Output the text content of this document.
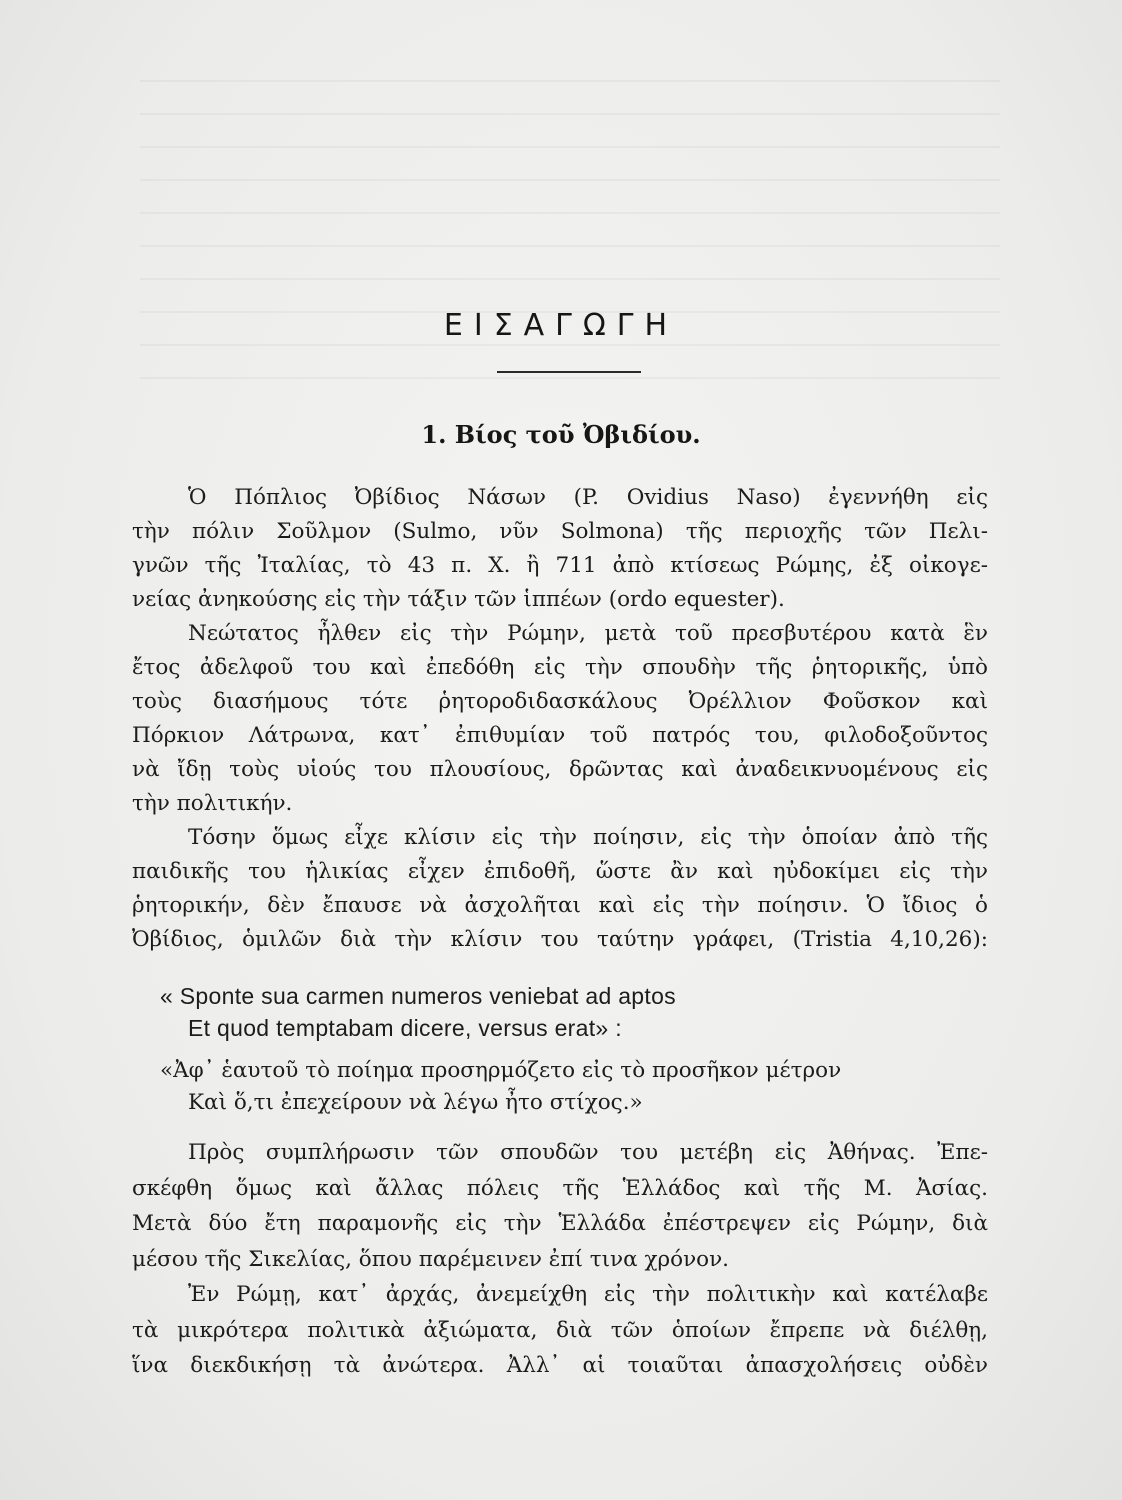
ΕΙΣΑΓΩΓΗ
1. Βίος τοῦ Ὀβιδίου.
Ὁ Πόπλιος Ὀβίδιος Νάσων (P. Ovidius Naso) ἐγεννήθη εἰς
τὴν πόλιν Σοῦλμον (Sulmo, νῦν Solmona) τῆς περιοχῆς τῶν Πελι-
γνῶν τῆς Ἰταλίας, τὸ 43 π. Χ. ἢ 711 ἀπὸ κτίσεως Ρώμης, ἐξ οἰκογε-
νείας ἀνηκούσης εἰς τὴν τάξιν τῶν ἱππέων (ordo equester).
Νεώτατος ἦλθεν εἰς τὴν Ρώμην, μετὰ τοῦ πρεσβυτέρου κατὰ ἓν
ἔτος ἀδελφοῦ του καὶ ἐπεδόθη εἰς τὴν σπουδὴν τῆς ῥητορικῆς, ὑπὸ
τοὺς διασήμους τότε ῥητοροδιδασκάλους Ὀρέλλιον Φοῦσκον καὶ
Πόρκιον Λάτρωνα, κατ᾽ ἐπιθυμίαν τοῦ πατρός του, φιλοδοξοῦντος
νὰ ἴδῃ τοὺς υἱούς του πλουσίους, δρῶντας καὶ ἀναδεικνυομένους εἰς
τὴν πολιτικήν.
Τόσην ὅμως εἶχε κλίσιν εἰς τὴν ποίησιν, εἰς τὴν ὁποίαν ἀπὸ τῆς
παιδικῆς του ἡλικίας εἶχεν ἐπιδοθῆ, ὥστε ἂν καὶ ηὐδοκίμει εἰς τὴν
ῥητορικήν, δὲν ἔπαυσε νὰ ἀσχολῆται καὶ εἰς τὴν ποίησιν. Ὁ ἴδιος ὁ
Ὀβίδιος, ὁμιλῶν διὰ τὴν κλίσιν του ταύτην γράφει, (Tristia 4,10,26):
« Sponte sua carmen numeros veniebat ad aptos
Et quod temptabam dicere, versus erat» :
«Ἀφ᾽ ἑαυτοῦ τὸ ποίημα προσηρμόζετο εἰς τὸ προσῆκον μέτρον
Καὶ ὅ,τι ἐπεχείρουν νὰ λέγω ἦτο στίχος.»
Πρὸς συμπλήρωσιν τῶν σπουδῶν του μετέβη εἰς Ἀθήνας. Ἐπε-
σκέφθη ὅμως καὶ ἄλλας πόλεις τῆς Ἑλλάδος καὶ τῆς Μ. Ἀσίας.
Μετὰ δύο ἔτη παραμονῆς εἰς τὴν Ἑλλάδα ἐπέστρεψεν εἰς Ρώμην, διὰ
μέσου τῆς Σικελίας, ὅπου παρέμεινεν ἐπί τινα χρόνον.
Ἐν Ρώμῃ, κατ᾽ ἀρχάς, ἀνεμείχθη εἰς τὴν πολιτικὴν καὶ κατέλαβε
τὰ μικρότερα πολιτικὰ ἀξιώματα, διὰ τῶν ὁποίων ἔπρεπε νὰ διέλθῃ,
ἵνα διεκδικήσῃ τὰ ἀνώτερα. Ἀλλ᾽ αἱ τοιαῦται ἀπασχολήσεις οὐδὲν
